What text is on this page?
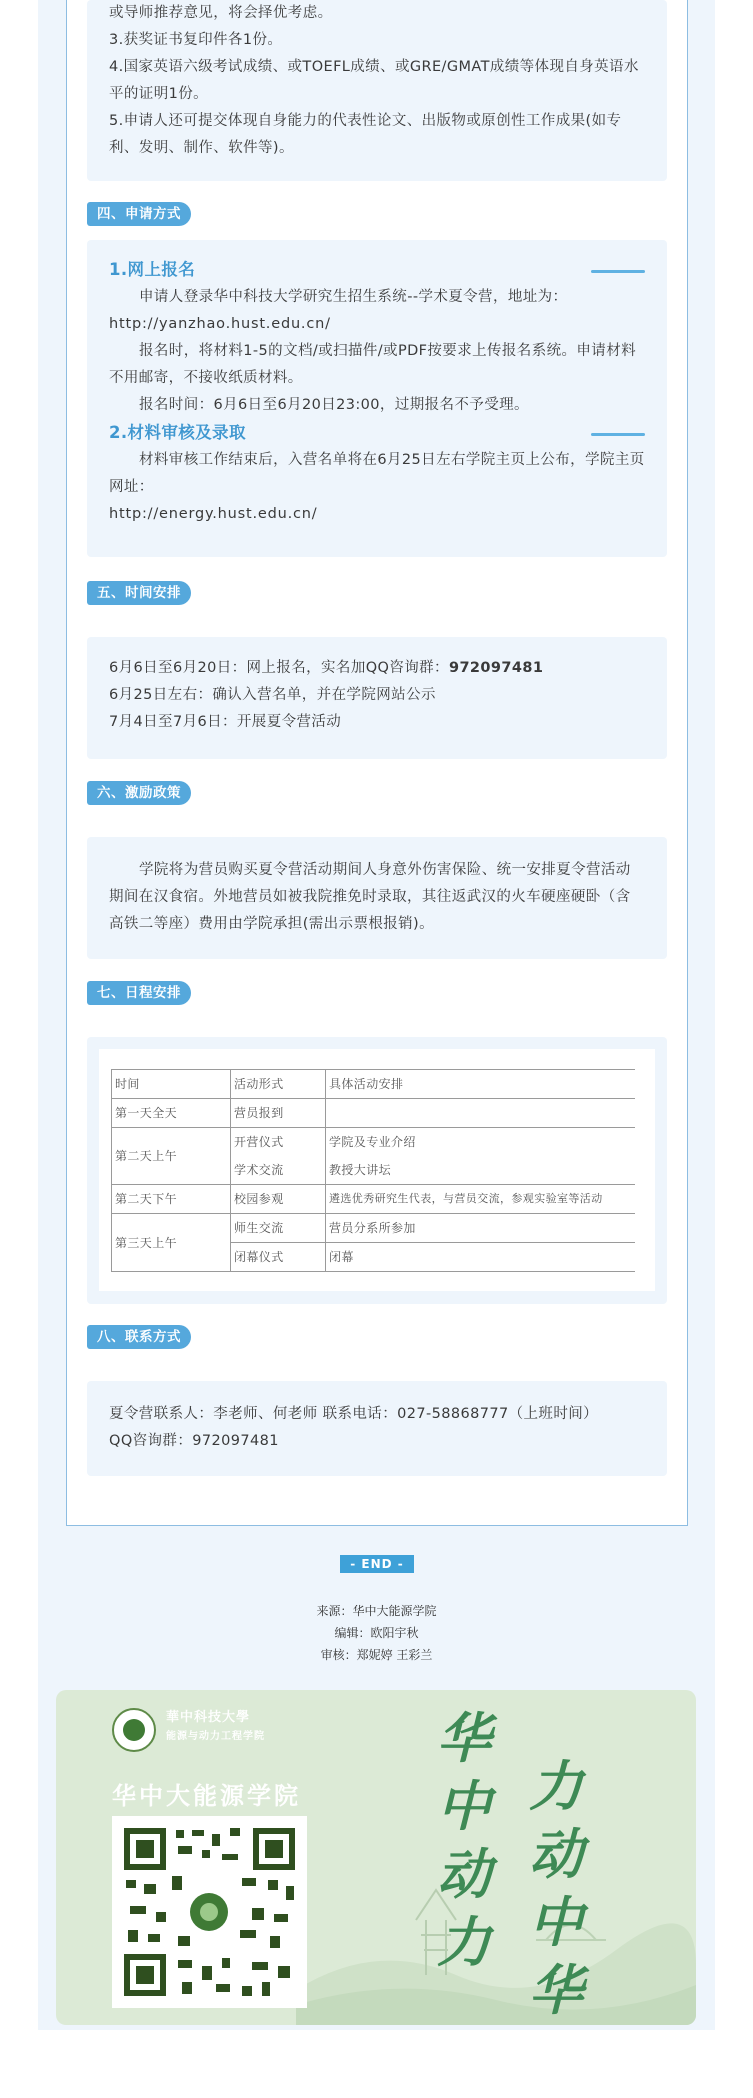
或导师推荐意见，将会择优考虑。

3.获奖证书复印件各1份。

4.国家英语六级考试成绩、或TOEFL成绩、或GRE/GMAT成绩等体现自身英语水平的证明1份。

5.申请人还可提交体现自身能力的代表性论文、出版物或原创性工作成果(如专利、发明、制作、软件等)。

四、申请方式
1.网上报名

申请人登录华中科技大学研究生招生系统--学术夏令营，地址为：

http://yanzhao.hust.edu.cn/

报名时，将材料1-5的文档/或扫描件/或PDF按要求上传报名系统。申请材料不用邮寄，不接收纸质材料。

报名时间：6月6日至6月20日23:00，过期报名不予受理。

2.材料审核及录取

材料审核工作结束后，入营名单将在6月25日左右学院主页上公布，学院主页网址：

http://energy.hust.edu.cn/

五、时间安排

6月6日至6月20日：网上报名，实名加QQ咨询群：972097481

6月25日左右：确认入营名单，并在学院网站公示

7月4日至7月6日：开展夏令营活动

六、激励政策

学院将为营员购买夏令营活动期间人身意外伤害保险、统一安排夏令营活动期间在汉食宿。外地营员如被我院推免时录取，其往返武汉的火车硬座硬卧（含高铁二等座）费用由学院承担(需出示票根报销)。

七、日程安排
时间	活动形式	具体活动安排
第一天全天	营员报到	
第二天上午	开营仪式	学院及专业介绍
	学术交流	教授大讲坛
第二天下午	校园参观	遴选优秀研究生代表，与营员交流，参观实验室等活动
第三天上午	师生交流	营员分系所参加
	闭幕仪式	闭幕
八、联系方式

夏令营联系人：李老师、何老师 联系电话：027-58868777（上班时间）

QQ咨询群：972097481

- END -
来源：华中大能源学院
编辑：欧阳宇秋
审核：郑妮婷 王彩兰
華中科技大學
能源与动力工程学院
华中大能源学院
华
中
动
力
力
动
中
华
